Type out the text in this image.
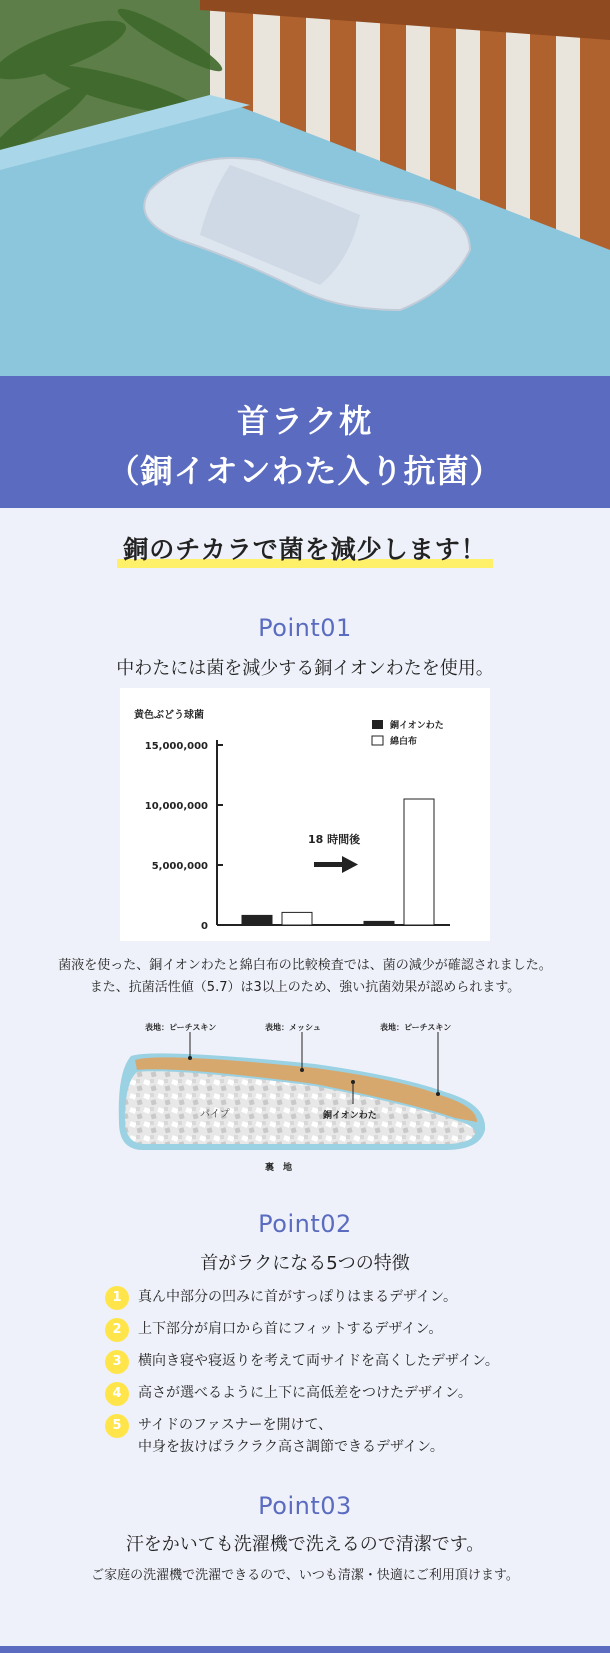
首ラク枕
（銅イオンわた入り抗菌）
銅のチカラで菌を減少します！
Point01
中わたには菌を減少する銅イオンわたを使用。
黄色ぶどう球菌
銅イオンわた
綿白布
15,000,000
10,000,000
5,000,000
0
18 時間後
菌液を使った、銅イオンわたと綿白布の比較検査では、菌の減少が確認されました。
また、抗菌活性値（5.7）は3以上のため、強い抗菌効果が認められます。
表地：ピーチスキン	表地：メッシュ	表地：ピーチスキン
パイプ	銅イオンわた
裏　地
Point02
首がラクになる5つの特徴
1	真ん中部分の凹みに首がすっぽりはまるデザイン。
2	上下部分が肩口から首にフィットするデザイン。
3	横向き寝や寝返りを考えて両サイドを高くしたデザイン。
4	高さが選べるように上下に高低差をつけたデザイン。
5	サイドのファスナーを開けて、
中身を抜けばラクラク高さ調節できるデザイン。
Point03
汗をかいても洗濯機で洗えるので清潔です。
ご家庭の洗濯機で洗濯できるので、いつも清潔・快適にご利用頂けます。
